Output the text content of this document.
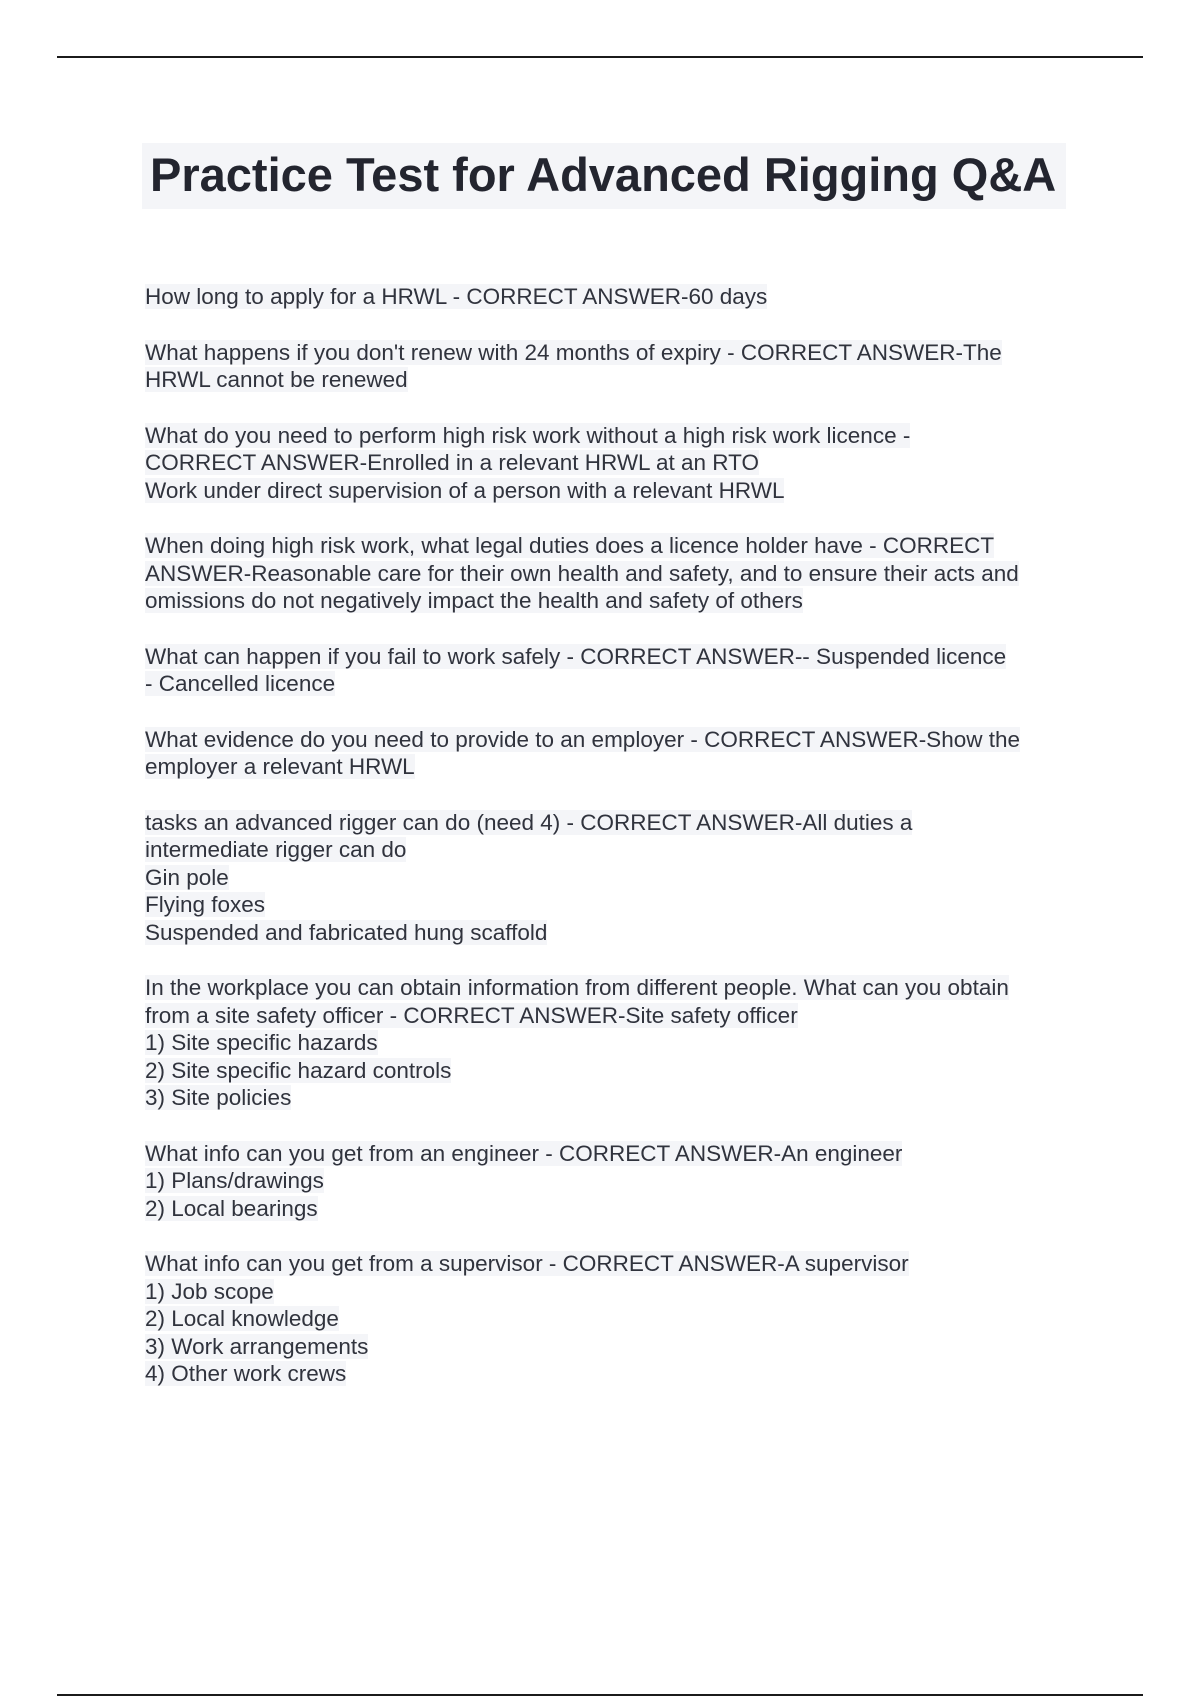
Practice Test for Advanced Rigging Q&A
How long to apply for a HRWL - CORRECT ANSWER-60 days
What happens if you don't renew with 24 months of expiry - CORRECT ANSWER-The
HRWL cannot be renewed
What do you need to perform high risk work without a high risk work licence -
CORRECT ANSWER-Enrolled in a relevant HRWL at an RTO
Work under direct supervision of a person with a relevant HRWL
When doing high risk work, what legal duties does a licence holder have - CORRECT
ANSWER-Reasonable care for their own health and safety, and to ensure their acts and
omissions do not negatively impact the health and safety of others
What can happen if you fail to work safely - CORRECT ANSWER-- Suspended licence
- Cancelled licence
What evidence do you need to provide to an employer - CORRECT ANSWER-Show the
employer a relevant HRWL
tasks an advanced rigger can do (need 4) - CORRECT ANSWER-All duties a
intermediate rigger can do
Gin pole
Flying foxes
Suspended and fabricated hung scaffold
In the workplace you can obtain information from different people. What can you obtain
from a site safety officer - CORRECT ANSWER-Site safety officer
1) Site specific hazards
2) Site specific hazard controls
3) Site policies
What info can you get from an engineer - CORRECT ANSWER-An engineer
1) Plans/drawings
2) Local bearings
What info can you get from a supervisor - CORRECT ANSWER-A supervisor
1) Job scope
2) Local knowledge
3) Work arrangements
4) Other work crews
